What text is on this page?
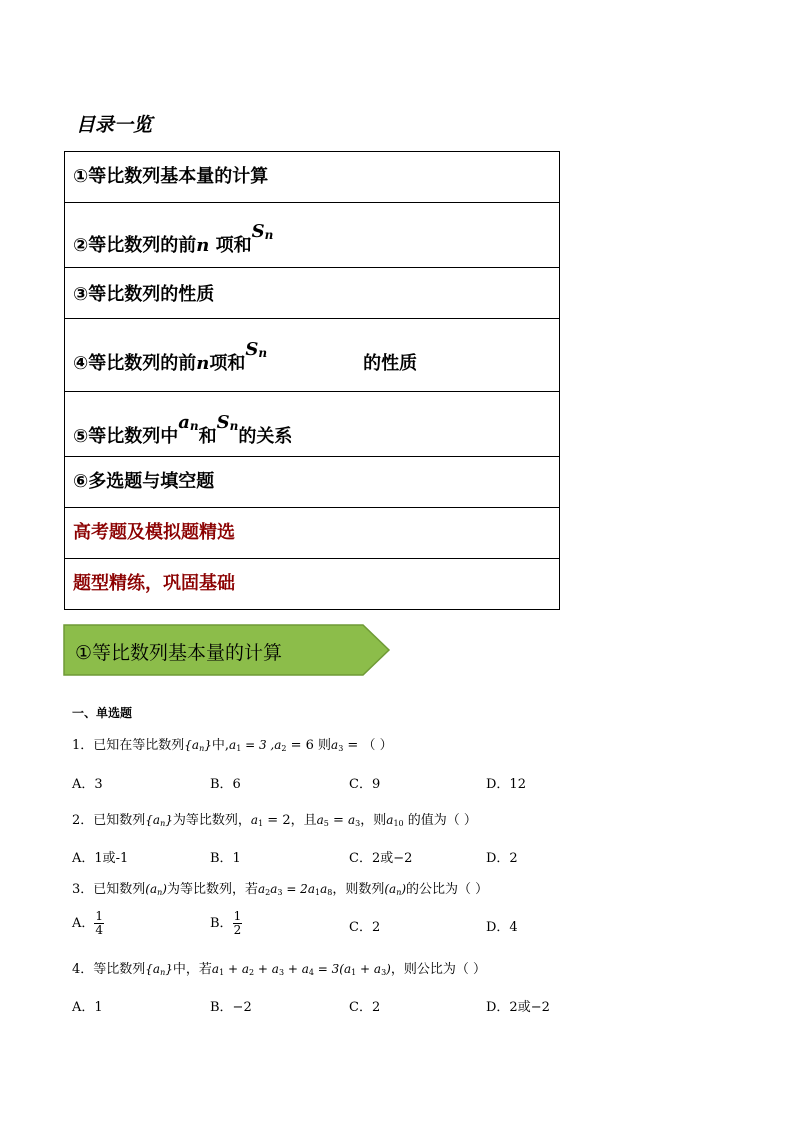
目录一览
①等比数列基本量的计算
②等比数列的前n 项和Sn
③等比数列的性质
④等比数列的前n项和Sn	的性质
⑤等比数列中an和Sn的关系
⑥多选题与填空题
高考题及模拟题精选
题型精练，巩固基础
①等比数列基本量的计算
一、单选题
1．已知在等比数列{an}中,a1 = 3 ,a2 = 6 则a3 = （ ）
A．3	B．6	C．9	D．12
2．已知数列{an}为等比数列，a1 = 2，且a5 = a3，则a10 的值为（ ）
A．1或-1	B．1	C．2或−2	D．2
3．已知数列(an)为等比数列，若a2a3 = 2a1a8，则数列(an)的公比为（ ）
A． $\frac{1}{4}$	B． $\frac{1}{2}$	C．2	D．4
4．等比数列{an}中，若a1 + a2 + a3 + a4 = 3(a1 + a3)，则公比为（ ）
A．1	B．−2	C．2	D．2或−2
